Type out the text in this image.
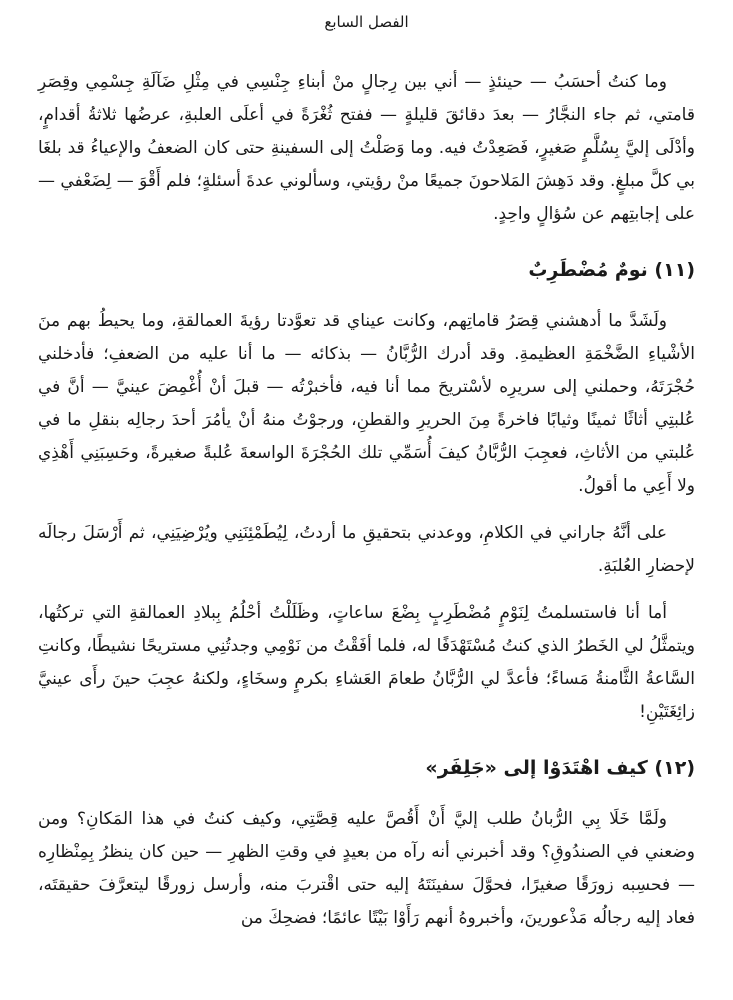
الفصل السابع

وما كنتُ أحسَبُ — حينئذٍ — أني بين رِجالٍ منْ أبناءِ جِنْسِي في مِثْلِ ضَآلَةِ جِسْمِي وقِصَرِ قامتي، ثم جاء النجَّارُ — بعدَ دقائقَ قليلةٍ — ففتح ثُغْرَةً في أعلَى العلبةِ، عرضُها ثلاثةُ أقدامٍ، وأدْلَى إليَّ بِسُلَّمٍ صَغيرٍ، فَصَعِدْتُ فيه. وما وَصَلْتُ إلى السفينةِ حتى كان الضعفُ والإعياءُ قد بلغَا بي كلَّ مبلغٍ. وقد دَهِشَ المَلاحونَ جميعًا منْ رؤيتي، وسألوني عدةَ أسئلةٍ؛ فلم أَقْوَ — لِضَعْفي — على إجابتِهم عن سُؤالٍ واحِدٍ.

(١١) نومٌ مُضْطَرِبٌ

ولَشَدَّ ما أدهشني قِصَرُ قاماتِهم، وكانت عيناي قد تعوَّدتا رؤيةَ العمالقةِ، وما يحيطُ بهم منَ الأشْياءِ الضَّخْمَةِ العظيمةِ. وقد أدرك الرُّبَّانُ — بذكائه — ما أنا عليه من الضعفِ؛ فأدخلني حُجْرَتَهُ، وحملني إلى سريرِه لأسْتريحَ مما أنا فيه، فأخبرْتُه — قبلَ أنْ أُغْمِضَ عينيَّ — أنَّ في عُلبتِي أثاثًا ثمينًا وثيابًا فاخرةً مِنَ الحريرِ والقطنِ، ورجوْتُ منهُ أنْ يأمُرَ أحدَ رجالِه بنقلِ ما في عُلبتي من الأثاثِ، فعجِبَ الرُّبَّانُ كيفَ أُسَمِّي تلك الحُجْرَةَ الواسعةَ عُلبةً صغيرةً، وحَسِبَنِي أَهْذِي ولا أَعِي ما أقولُ.

على أنَّهُ جاراني في الكلامِ، ووعدني بتحقيقِ ما أردتُ، لِيُطَمْئِنَنِي ويُرْضِيَنِي، ثم أَرْسَلَ رجالَه لإحضارِ العُلبَةِ.

أما أنا فاستسلمتُ لِنَوْمٍ مُضْطَرِبٍ بِضْعَ ساعاتٍ، وظَلَلْتُ أحْلُمُ بِبلادِ العمالقةِ التي تركتُها، ويتمثَّلُ لي الخَطرُ الذي كنتُ مُسْتَهْدَفًا له، فلما أفَقْتُ من نَوْمِي وجدتُنِي مستريحًا نشيطًا، وكانتِ السَّاعةُ الثَّامنةُ مَساءً؛ فأعدَّ لي الرُّبَّانُ طعامَ العَشاءِ بكرمٍ وسخَاءٍ، ولكنهُ عجِبَ حينَ رأَى عينيَّ زائِغَتَيْنِ!

(١٢) كيف اهْتَدَوْا إلى «جَلِفَر»

ولَمَّا خَلَا بِي الرُّبانُ طلب إليَّ أَنْ أَقُصَّ عليه قِصَّتِي، وكيف كنتُ في هذا المَكانِ؟ ومن وضعني في الصندُوقِ؟ وقد أخبرني أنه رآه من بعيدٍ في وقتِ الظهرِ — حين كان ينظرُ بِمِنْظارِه — فحسِبه زورَقًا صغيرًا، فحوَّلَ سفينَتَهُ إليه حتى اقْتربَ منه، وأرسل زورقًا ليتعرَّفَ حقيقتَه، فعاد إليه رجالُه مَذْعورينَ، وأخبروهُ أنهم رَأَوْا بَيْتًا عائمًا؛ فضحِكَ من
